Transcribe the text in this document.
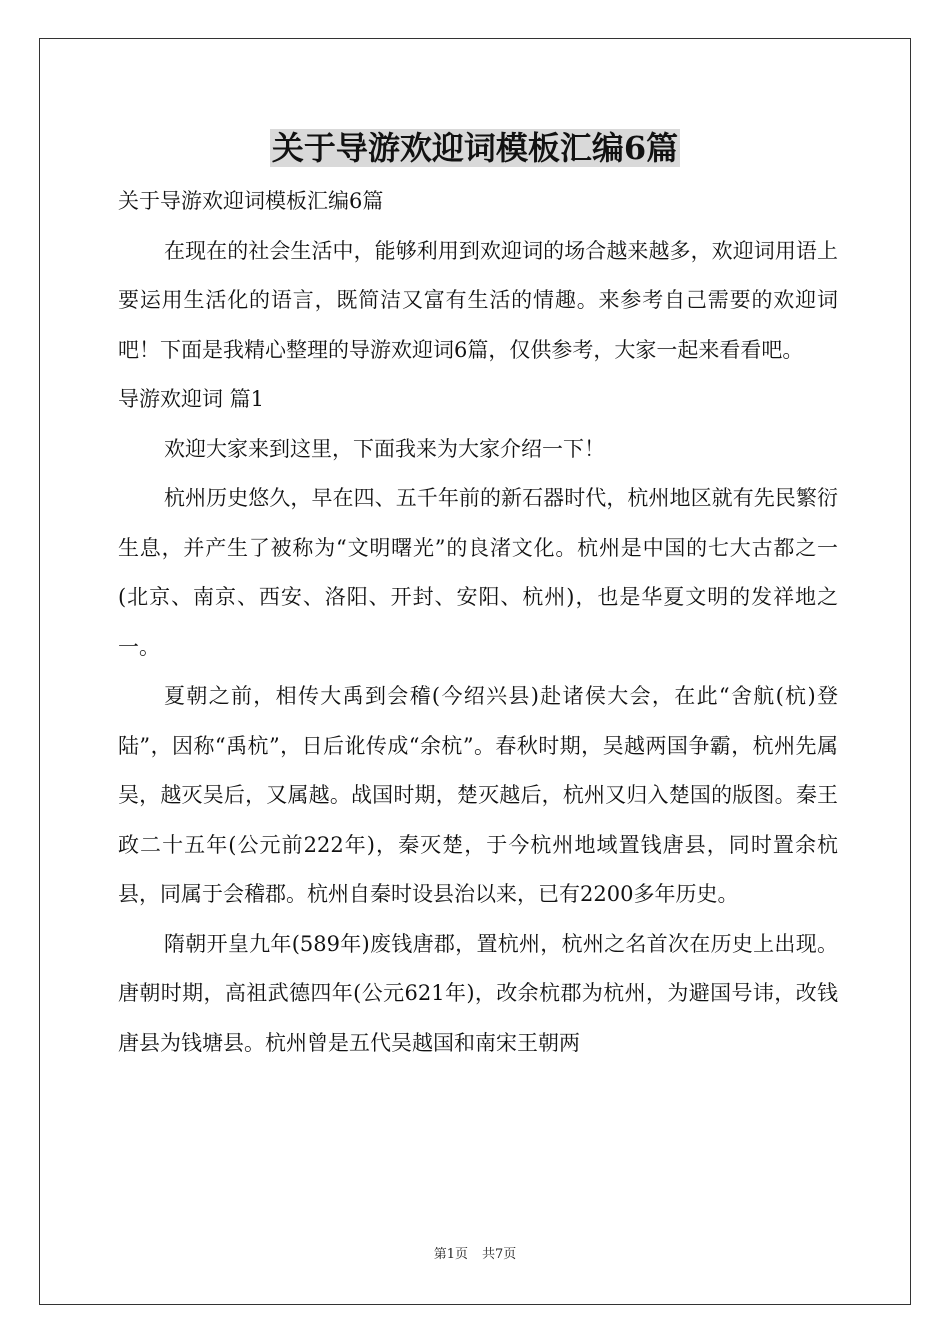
关于导游欢迎词模板汇编6篇

关于导游欢迎词模板汇编6篇

在现在的社会生活中，能够利用到欢迎词的场合越来越多，欢迎词用语上要运用生活化的语言，既简洁又富有生活的情趣。来参考自己需要的欢迎词吧！下面是我精心整理的导游欢迎词6篇，仅供参考，大家一起来看看吧。

导游欢迎词 篇1

欢迎大家来到这里，下面我来为大家介绍一下！

杭州历史悠久，早在四、五千年前的新石器时代，杭州地区就有先民繁衍生息，并产生了被称为“文明曙光”的良渚文化。杭州是中国的七大古都之一(北京、南京、西安、洛阳、开封、安阳、杭州)，也是华夏文明的发祥地之一。

夏朝之前，相传大禹到会稽(今绍兴县)赴诸侯大会，在此“舍航(杭)登陆”，因称“禹杭”，日后讹传成“余杭”。春秋时期，吴越两国争霸，杭州先属吴，越灭吴后，又属越。战国时期，楚灭越后，杭州又归入楚国的版图。秦王政二十五年(公元前222年)，秦灭楚，于今杭州地域置钱唐县，同时置余杭县，同属于会稽郡。杭州自秦时设县治以来，已有2200多年历史。

隋朝开皇九年(589年)废钱唐郡，置杭州，杭州之名首次在历史上出现。唐朝时期，高祖武德四年(公元621年)，改余杭郡为杭州，为避国号讳，改钱唐县为钱塘县。杭州曾是五代吴越国和南宋王朝两

第1页 共7页
